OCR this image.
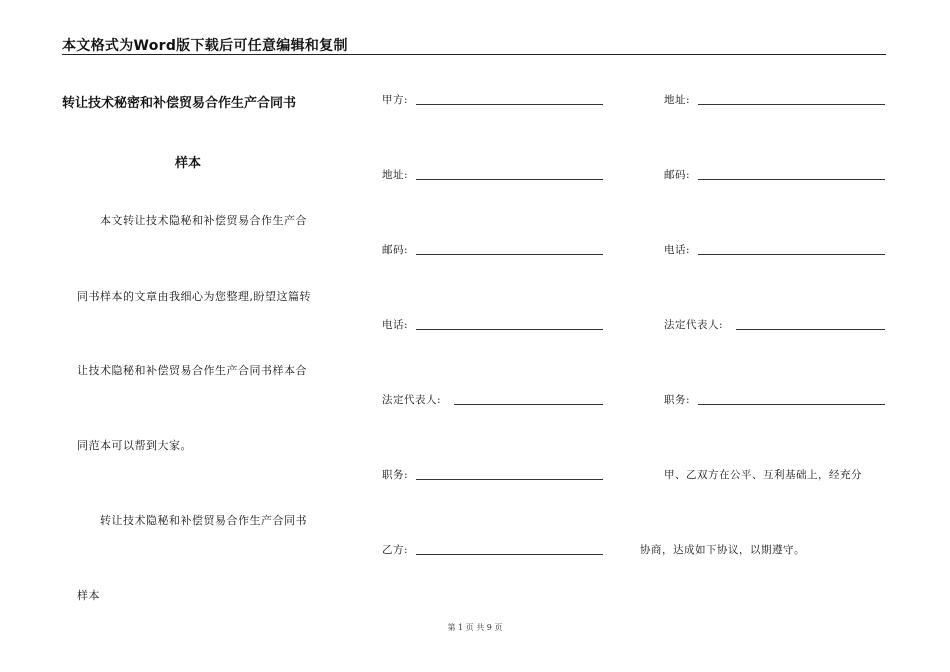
本文格式为Word版下载后可任意编辑和复制
转让技术秘密和补偿贸易合作生产合同书
样本
本文转让技术隐秘和补偿贸易合作生产合
同书样本的文章由我细心为您整理,盼望这篇转
让技术隐秘和补偿贸易合作生产合同书样本合
同范本可以帮到大家。
转让技术隐秘和补偿贸易合作生产合同书
样本
甲方:
地址:
邮码:
电话:
法定代表人:
职务:
乙方:
地址:
邮码:
电话:
法定代表人:
职务:
甲、乙双方在公平、互利基础上，经充分
协商，达成如下协议，以期遵守。
第 1 页 共 9 页
